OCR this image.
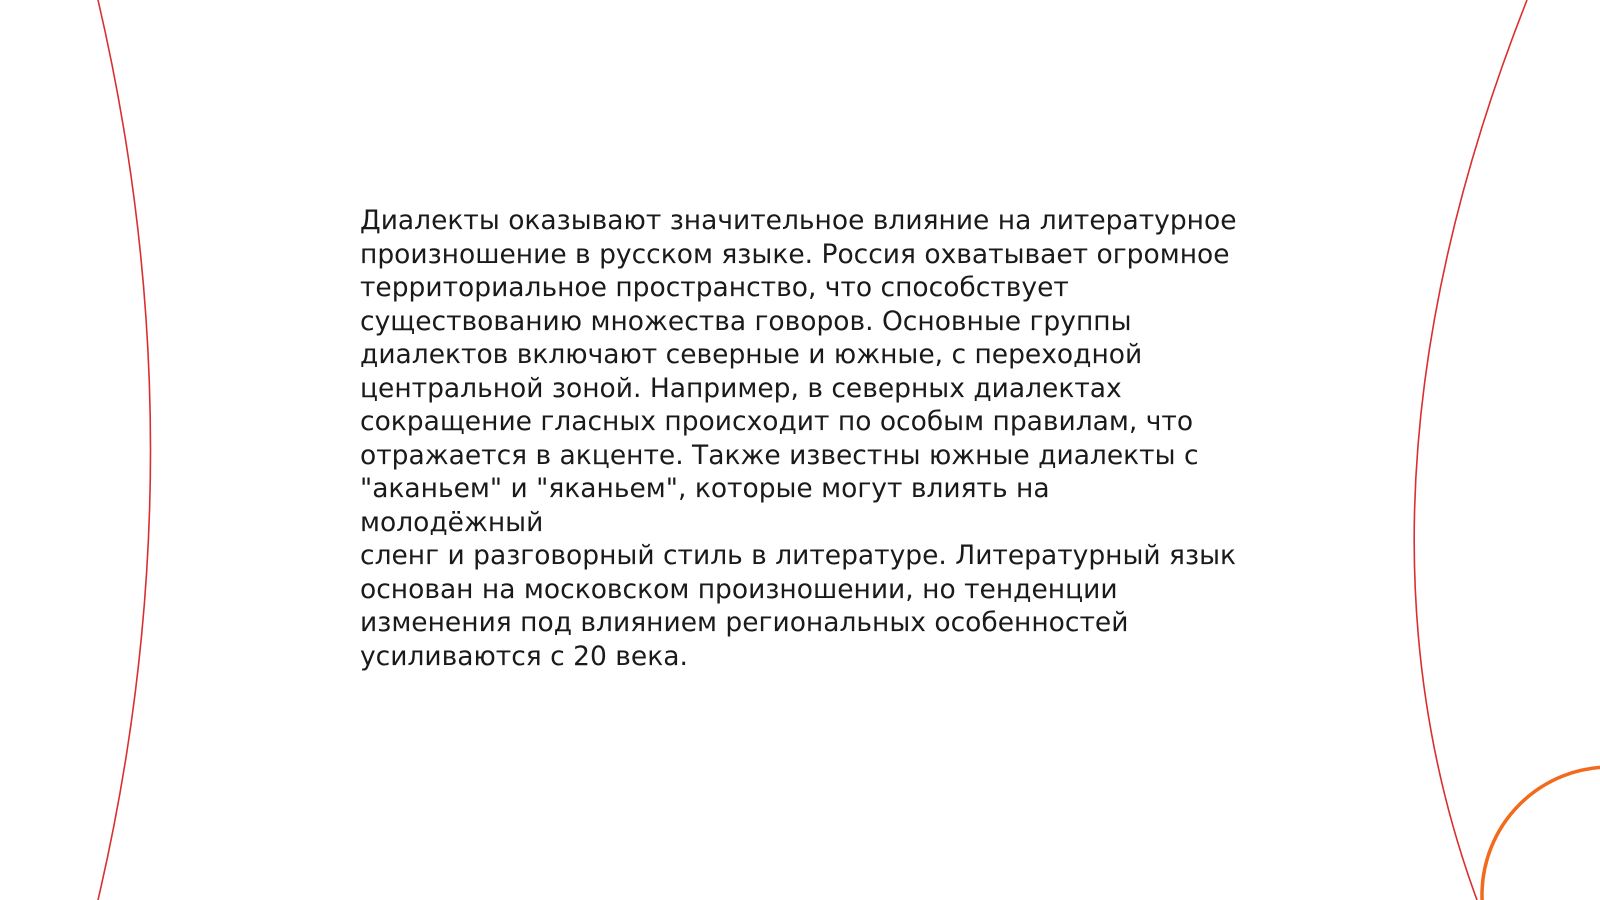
Диалекты оказывают значительное влияние на литературное
произношение в русском языке. Россия охватывает огромное
территориальное пространство, что способствует
существованию множества говоров. Основные группы
диалектов включают северные и южные, с переходной
центральной зоной. Например, в северных диалектах
сокращение гласных происходит по особым правилам, что
отражается в акценте. Также известны южные диалекты с
"аканьем" и "яканьем", которые могут влиять на молодёжный
сленг и разговорный стиль в литературе. Литературный язык
основан на московском произношении, но тенденции
изменения под влиянием региональных особенностей
усиливаются с 20 века.
